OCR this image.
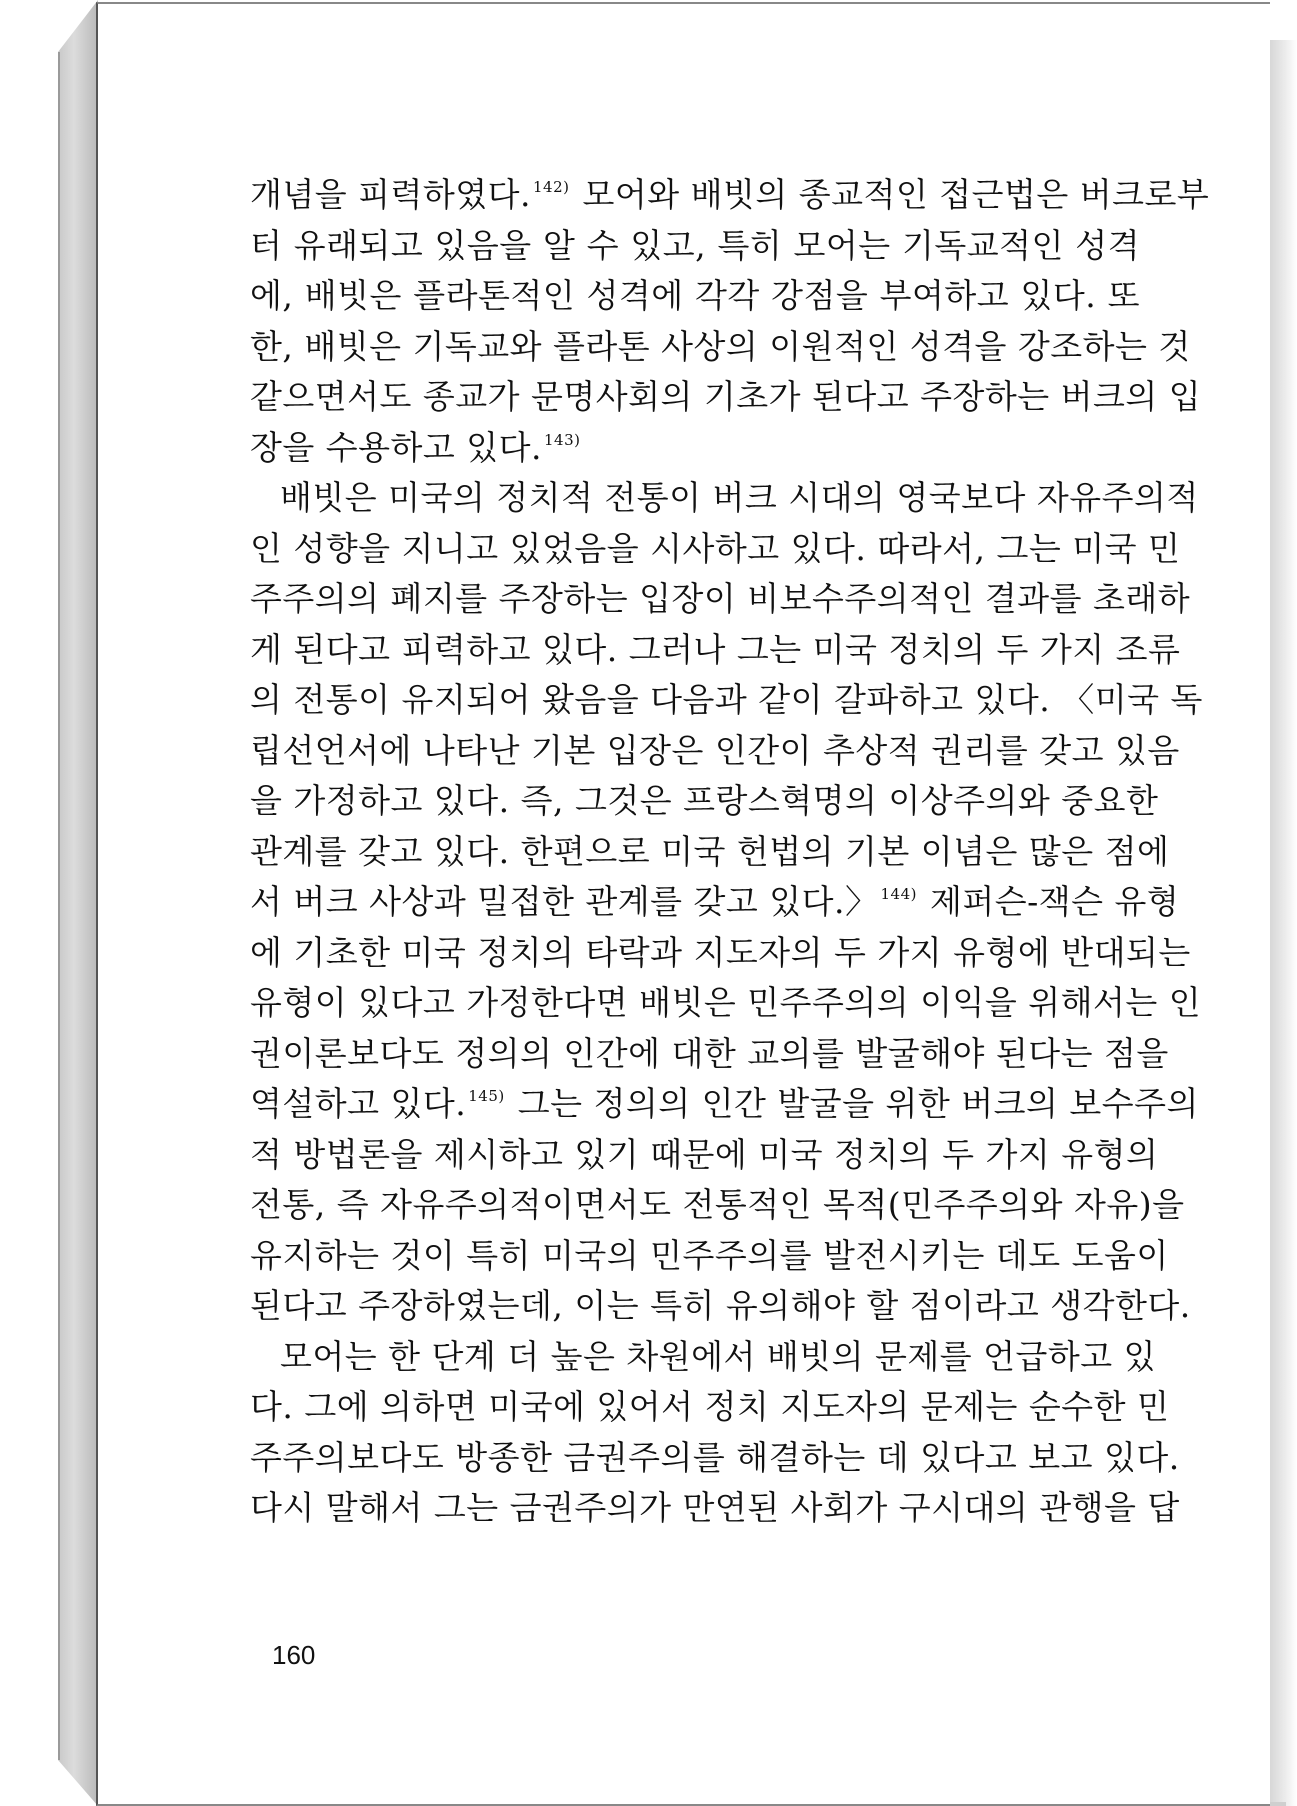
개념을 피력하였다. $^{142)}$ 모어와 배빗의 종교적인 접근법은 버크로부
터 유래되고 있음을 알 수 있고, 특히 모어는 기독교적인 성격
에, 배빗은 플라톤적인 성격에 각각 강점을 부여하고 있다. 또
한, 배빗은 기독교와 플라톤 사상의 이원적인 성격을 강조하는 것
같으면서도 종교가 문명사회의 기초가 된다고 주장하는 버크의 입
장을 수용하고 있다. $^{143)}$
배빗은 미국의 정치적 전통이 버크 시대의 영국보다 자유주의적
인 성향을 지니고 있었음을 시사하고 있다. 따라서, 그는 미국 민
주주의의 폐지를 주장하는 입장이 비보수주의적인 결과를 초래하
게 된다고 피력하고 있다. 그러나 그는 미국 정치의 두 가지 조류
의 전통이 유지되어 왔음을 다음과 같이 갈파하고 있다. 〈미국 독
립선언서에 나타난 기본 입장은 인간이 추상적 권리를 갖고 있음
을 가정하고 있다. 즉, 그것은 프랑스혁명의 이상주의와 중요한
관계를 갖고 있다. 한편으로 미국 헌법의 기본 이념은 많은 점에
서 버크 사상과 밀접한 관계를 갖고 있다.〉 $^{144)}$ 제퍼슨-잭슨 유형
에 기초한 미국 정치의 타락과 지도자의 두 가지 유형에 반대되는
유형이 있다고 가정한다면 배빗은 민주주의의 이익을 위해서는 인
권이론보다도 정의의 인간에 대한 교의를 발굴해야 된다는 점을
역설하고 있다. $^{145)}$ 그는 정의의 인간 발굴을 위한 버크의 보수주의
적 방법론을 제시하고 있기 때문에 미국 정치의 두 가지 유형의
전통, 즉 자유주의적이면서도 전통적인 목적(민주주의와 자유)을
유지하는 것이 특히 미국의 민주주의를 발전시키는 데도 도움이
된다고 주장하였는데, 이는 특히 유의해야 할 점이라고 생각한다.
모어는 한 단계 더 높은 차원에서 배빗의 문제를 언급하고 있
다. 그에 의하면 미국에 있어서 정치 지도자의 문제는 순수한 민
주주의보다도 방종한 금권주의를 해결하는 데 있다고 보고 있다.
다시 말해서 그는 금권주의가 만연된 사회가 구시대의 관행을 답
160
